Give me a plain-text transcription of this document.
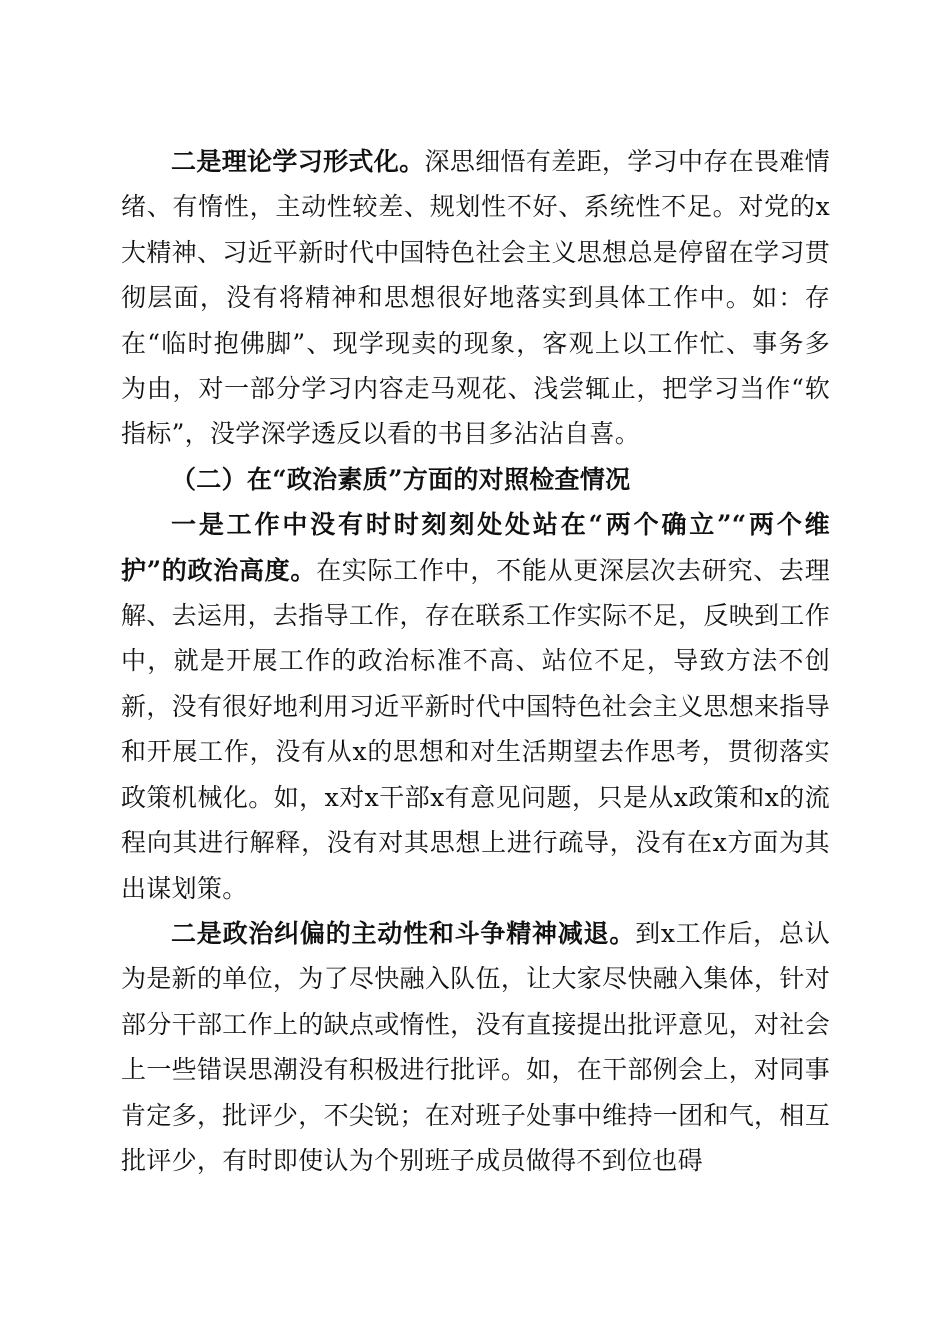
二是理论学习形式化。深思细悟有差距，学习中存在畏难情绪、有惰性，主动性较差、规划性不好、系统性不足。对党的x大精神、习近平新时代中国特色社会主义思想总是停留在学习贯彻层面，没有将精神和思想很好地落实到具体工作中。如：存在“临时抱佛脚”、现学现卖的现象，客观上以工作忙、事务多为由，对一部分学习内容走马观花、浅尝辄止，把学习当作“软指标”，没学深学透反以看的书目多沾沾自喜。

（二）在“政治素质”方面的对照检查情况

一是工作中没有时时刻刻处处站在“两个确立”“两个维护”的政治高度。在实际工作中，不能从更深层次去研究、去理解、去运用，去指导工作，存在联系工作实际不足，反映到工作中，就是开展工作的政治标准不高、站位不足，导致方法不创新，没有很好地利用习近平新时代中国特色社会主义思想来指导和开展工作，没有从x的思想和对生活期望去作思考，贯彻落实政策机械化。如，x对x干部x有意见问题，只是从x政策和x的流程向其进行解释，没有对其思想上进行疏导，没有在x方面为其出谋划策。

二是政治纠偏的主动性和斗争精神减退。到x工作后，总认为是新的单位，为了尽快融入队伍，让大家尽快融入集体，针对部分干部工作上的缺点或惰性，没有直接提出批评意见，对社会上一些错误思潮没有积极进行批评。如，在干部例会上，对同事肯定多，批评少，不尖锐；在对班子处事中维持一团和气，相互批评少，有时即使认为个别班子成员做得不到位也碍
